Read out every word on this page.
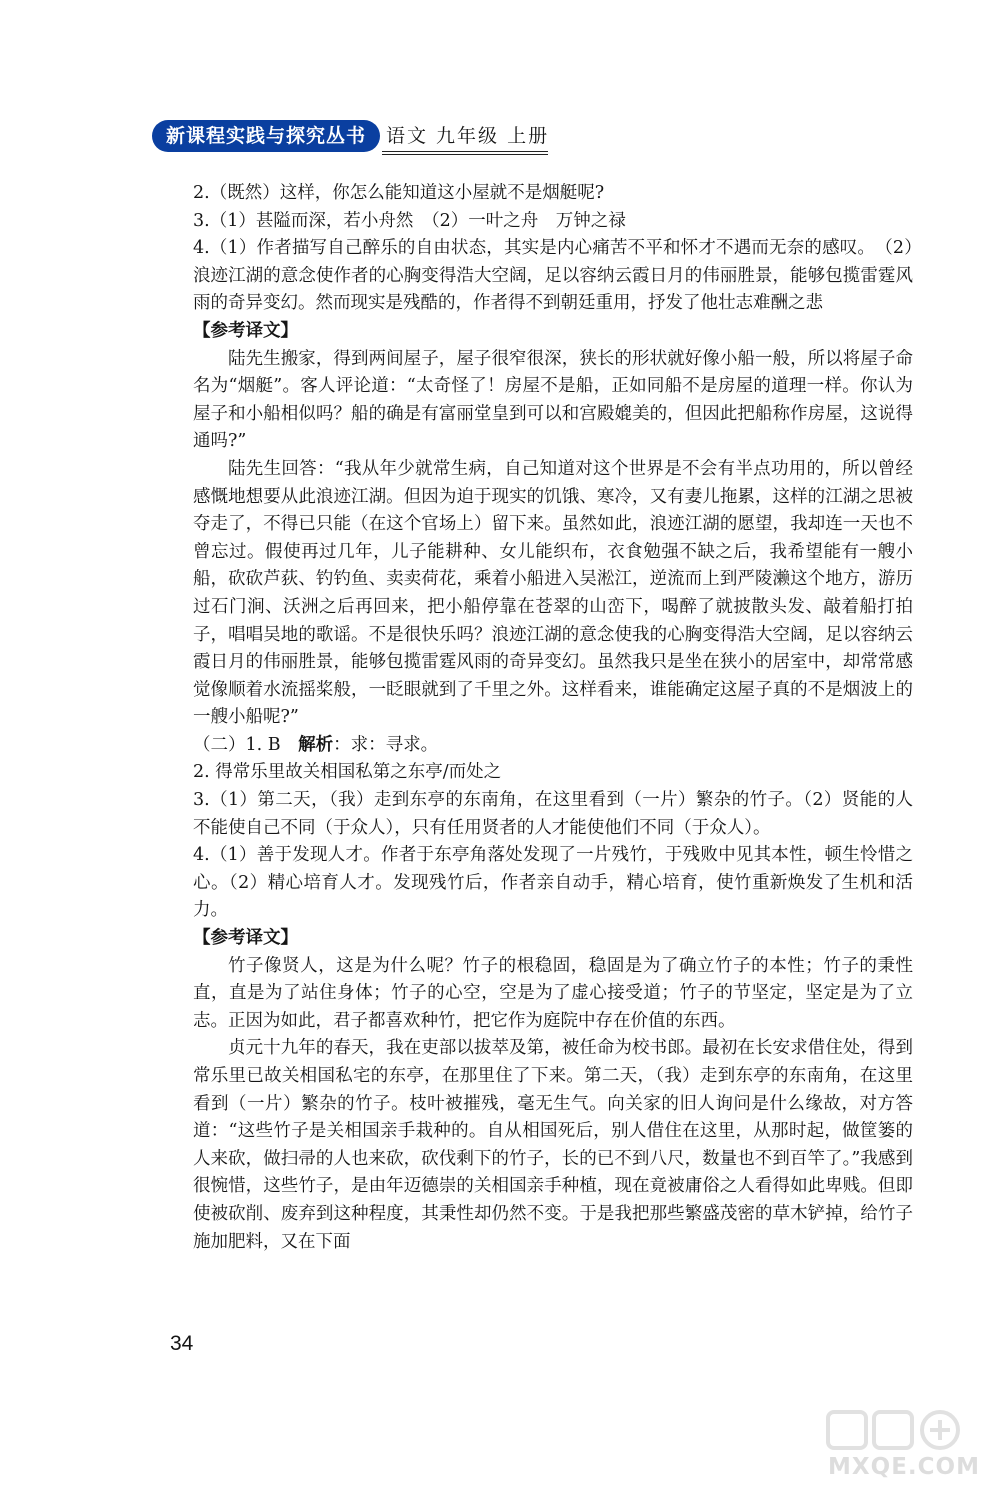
新课程实践与探究丛书	语文 九年级 上册

2.（既然）这样，你怎么能知道这小屋就不是烟艇呢?

3.（1）甚隘而深，若小舟然　（2）一叶之舟　万钟之禄

4.（1）作者描写自己醉乐的自由状态，其实是内心痛苦不平和怀才不遇而无奈的感叹。　（2）浪迹江湖的意念使作者的心胸变得浩大空阔，足以容纳云霞日月的伟丽胜景，能够包揽雷霆风雨的奇异变幻。然而现实是残酷的，作者得不到朝廷重用，抒发了他壮志难酬之悲

【参考译文】

陆先生搬家，得到两间屋子，屋子很窄很深，狭长的形状就好像小船一般，所以将屋子命名为“烟艇”。客人评论道：“太奇怪了！房屋不是船，正如同船不是房屋的道理一样。你认为屋子和小船相似吗？船的确是有富丽堂皇到可以和宫殿媲美的，但因此把船称作房屋，这说得通吗?”

陆先生回答：“我从年少就常生病，自己知道对这个世界是不会有半点功用的，所以曾经感慨地想要从此浪迹江湖。但因为迫于现实的饥饿、寒冷，又有妻儿拖累，这样的江湖之思被夺走了，不得已只能（在这个官场上）留下来。虽然如此，浪迹江湖的愿望，我却连一天也不曾忘过。假使再过几年，儿子能耕种、女儿能织布，衣食勉强不缺之后，我希望能有一艘小船，砍砍芦荻、钓钓鱼、卖卖荷花，乘着小船进入吴淞江，逆流而上到严陵濑这个地方，游历过石门涧、沃洲之后再回来，把小船停靠在苍翠的山峦下，喝醉了就披散头发、敲着船打拍子，唱唱吴地的歌谣。不是很快乐吗？浪迹江湖的意念使我的心胸变得浩大空阔，足以容纳云霞日月的伟丽胜景，能够包揽雷霆风雨的奇异变幻。虽然我只是坐在狭小的居室中，却常常感觉像顺着水流摇桨般，一眨眼就到了千里之外。这样看来，谁能确定这屋子真的不是烟波上的一艘小船呢?”

（二）1. B　解析：求：寻求。

2. 得常乐里故关相国私第之东亭/而处之

3.（1）第二天，（我）走到东亭的东南角，在这里看到（一片）繁杂的竹子。（2）贤能的人不能使自己不同（于众人），只有任用贤者的人才能使他们不同（于众人）。

4.（1）善于发现人才。作者于东亭角落处发现了一片残竹，于残败中见其本性，顿生怜惜之心。（2）精心培育人才。发现残竹后，作者亲自动手，精心培育，使竹重新焕发了生机和活力。

【参考译文】

竹子像贤人，这是为什么呢？竹子的根稳固，稳固是为了确立竹子的本性；竹子的秉性直，直是为了站住身体；竹子的心空，空是为了虚心接受道；竹子的节坚定，坚定是为了立志。正因为如此，君子都喜欢种竹，把它作为庭院中存在价值的东西。

贞元十九年的春天，我在吏部以拔萃及第，被任命为校书郎。最初在长安求借住处，得到常乐里已故关相国私宅的东亭，在那里住了下来。第二天，（我）走到东亭的东南角，在这里看到（一片）繁杂的竹子。枝叶被摧残，毫无生气。向关家的旧人询问是什么缘故，对方答道：“这些竹子是关相国亲手栽种的。自从相国死后，别人借住在这里，从那时起，做筐篓的人来砍，做扫帚的人也来砍，砍伐剩下的竹子，长的已不到八尺，数量也不到百竿了。”我感到很惋惜，这些竹子，是由年迈德崇的关相国亲手种植，现在竟被庸俗之人看得如此卑贱。但即使被砍削、废弃到这种程度，其秉性却仍然不变。于是我把那些繁盛茂密的草木铲掉，给竹子施加肥料，又在下面

34
MXQE.COM
